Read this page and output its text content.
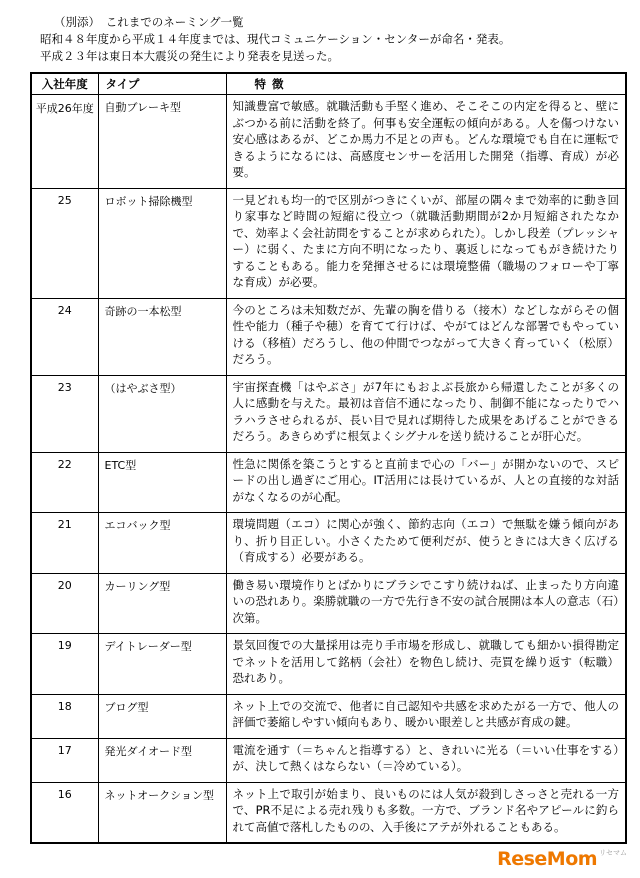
（別添）　これまでのネーミング一覧
昭和４８年度から平成１４年度までは、現代コミュニケーション・センターが命名・発表。
平成２３年は東日本大震災の発生により発表を見送った。
入社年度	タイプ	特徴
平成26年度	自動ブレーキ型	知識豊富で敏感。就職活動も手堅く進め、そこそこの内定を得ると、壁にぶつかる前に活動を終了。何事も安全運転の傾向がある。人を傷つけない安心感はあるが、どこか馬力不足との声も。どんな環境でも自在に運転できるようになるには、高感度センサーを活用した開発（指導、育成）が必要。
25	ロボット掃除機型	一見どれも均一的で区別がつきにくいが、部屋の隅々まで効率的に動き回り家事など時間の短縮に役立つ（就職活動期間が2か月短縮されたなかで、効率よく会社訪問をすることが求められた）。しかし段差（プレッシャー）に弱く、たまに方向不明になったり、裏返しになってもがき続けたりすることもある。能力を発揮させるには環境整備（職場のフォローや丁寧な育成）が必要。
24	奇跡の一本松型	今のところは未知数だが、先輩の胸を借りる（接木）などしながらその個性や能力（種子や穂）を育てて行けば、やがてはどんな部署でもやっていける（移植）だろうし、他の仲間でつながって大きく育っていく（松原）だろう。
23	（はやぶさ型）	宇宙探査機「はやぶさ」が7年にもおよぶ長旅から帰還したことが多くの人に感動を与えた。最初は音信不通になったり、制御不能になったりでハラハラさせられるが、長い目で見れば期待した成果をあげることができるだろう。あきらめずに根気よくシグナルを送り続けることが肝心だ。
22	ETC型	性急に関係を築こうとすると直前まで心の「バー」が開かないので、スピードの出し過ぎにご用心。IT活用には長けているが、人との直接的な対話がなくなるのが心配。
21	エコバック型	環境問題（エコ）に関心が強く、節約志向（エコ）で無駄を嫌う傾向があり、折り目正しい。小さくたためて便利だが、使うときには大きく広げる（育成する）必要がある。
20	カーリング型	働き易い環境作りとばかりにブラシでこすり続けねば、止まったり方向違いの恐れあり。楽勝就職の一方で先行き不安の試合展開は本人の意志（石）次第。
19	デイトレーダー型	景気回復での大量採用は売り手市場を形成し、就職しても細かい損得勘定でネットを活用して銘柄（会社）を物色し続け、売買を繰り返す（転職）恐れあり。
18	ブログ型	ネット上での交流で、他者に自己認知や共感を求めたがる一方で、他人の評価で萎縮しやすい傾向もあり、暖かい眼差しと共感が育成の鍵。
17	発光ダイオード型	電流を通す（＝ちゃんと指導する）と、きれいに光る（＝いい仕事をする）が、決して熱くはならない（＝冷めている）。
16	ネットオークション型	ネット上で取引が始まり、良いものには人気が殺到しさっさと売れる一方で、PR不足による売れ残りも多数。一方で、ブランド名やアピールに釣られて高値で落札したものの、入手後にアテが外れることもある。
ReseMom $^{リセマム}$
